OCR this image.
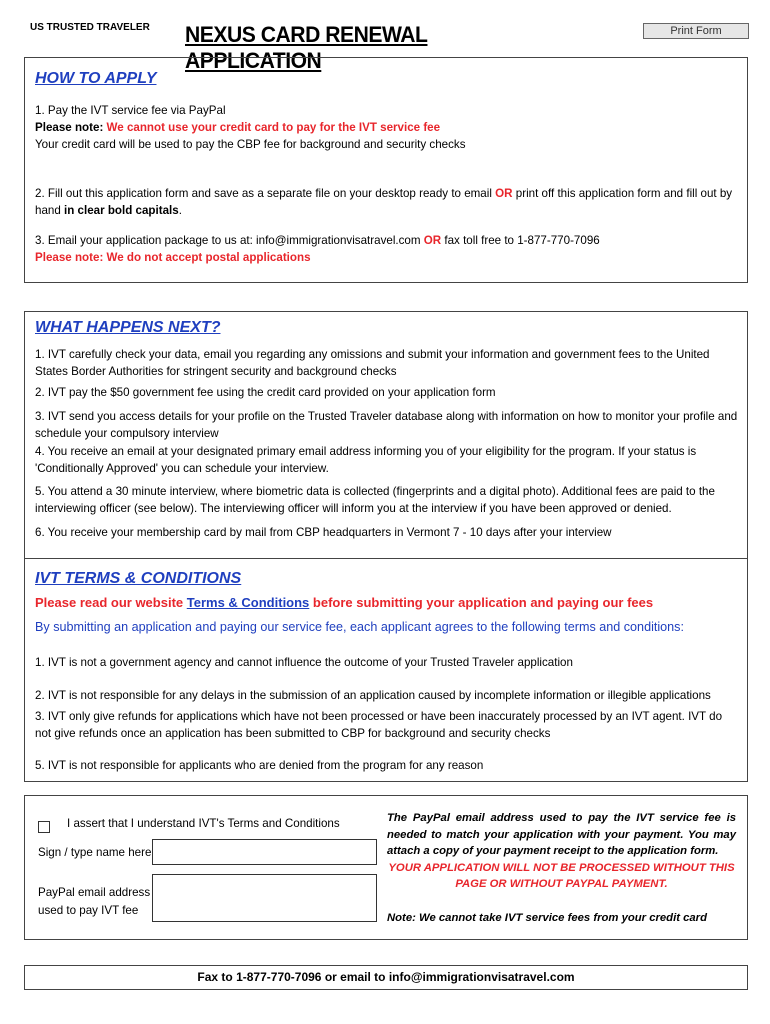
US TRUSTED TRAVELER NEXUS CARD RENEWAL APPLICATION
Print Form
HOW TO APPLY
1. Pay the IVT service fee via PayPal
Please note: We cannot use your credit card to pay for the IVT service fee
Your credit card will be used to pay the CBP fee for background and security checks
2. Fill out this application form and save as a separate file on your desktop ready to email OR print off this application form and fill out by hand in clear bold capitals.
3. Email your application package to us at: info@immigrationvisatravel.com OR fax toll free to 1-877-770-7096
Please note: We do not accept postal applications
WHAT HAPPENS NEXT?
1. IVT carefully check your data, email you regarding any omissions and submit your information and government fees to the United States Border Authorities for stringent security and background checks
2. IVT pay the $50 government fee using the credit card provided on your application form
3. IVT send you access details for your profile on the Trusted Traveler database along with information on how to monitor your profile and schedule your compulsory interview
4. You receive an email at your designated primary email address informing you of your eligibility for the program. If your status is 'Conditionally Approved' you can schedule your interview.
5. You attend a 30 minute interview, where biometric data is collected (fingerprints and a digital photo). Additional fees are paid to the interviewing officer (see below). The interviewing officer will inform you at the interview if you have been approved or denied.
6. You receive your membership card by mail from CBP headquarters in Vermont 7 - 10 days after your interview
IVT TERMS & CONDITIONS
Please read our website Terms & Conditions before submitting your application and paying our fees
By submitting an application and paying our service fee, each applicant agrees to the following terms and conditions:
1. IVT is not a government agency and cannot influence the outcome of your Trusted Traveler application
2. IVT is not responsible for any delays in the submission of an application caused by incomplete information or illegible applications
3. IVT only give refunds for applications which have not been processed or have been inaccurately processed by an IVT agent. IVT do not give refunds once an application has been submitted to CBP for background and security checks
5. IVT is not responsible for applicants who are denied from the program for any reason
I assert that I understand IVT's Terms and Conditions
Sign / type name here
PayPal email address
used to pay IVT fee
The PayPal email address used to pay the IVT service fee is needed to match your application with your payment. You may attach a copy of your payment receipt to the application form.
YOUR APPLICATION WILL NOT BE PROCESSED WITHOUT THIS PAGE OR WITHOUT PAYPAL PAYMENT.
Note: We cannot take IVT service fees from your credit card
Fax to 1-877-770-7096 or email to info@immigrationvisatravel.com
